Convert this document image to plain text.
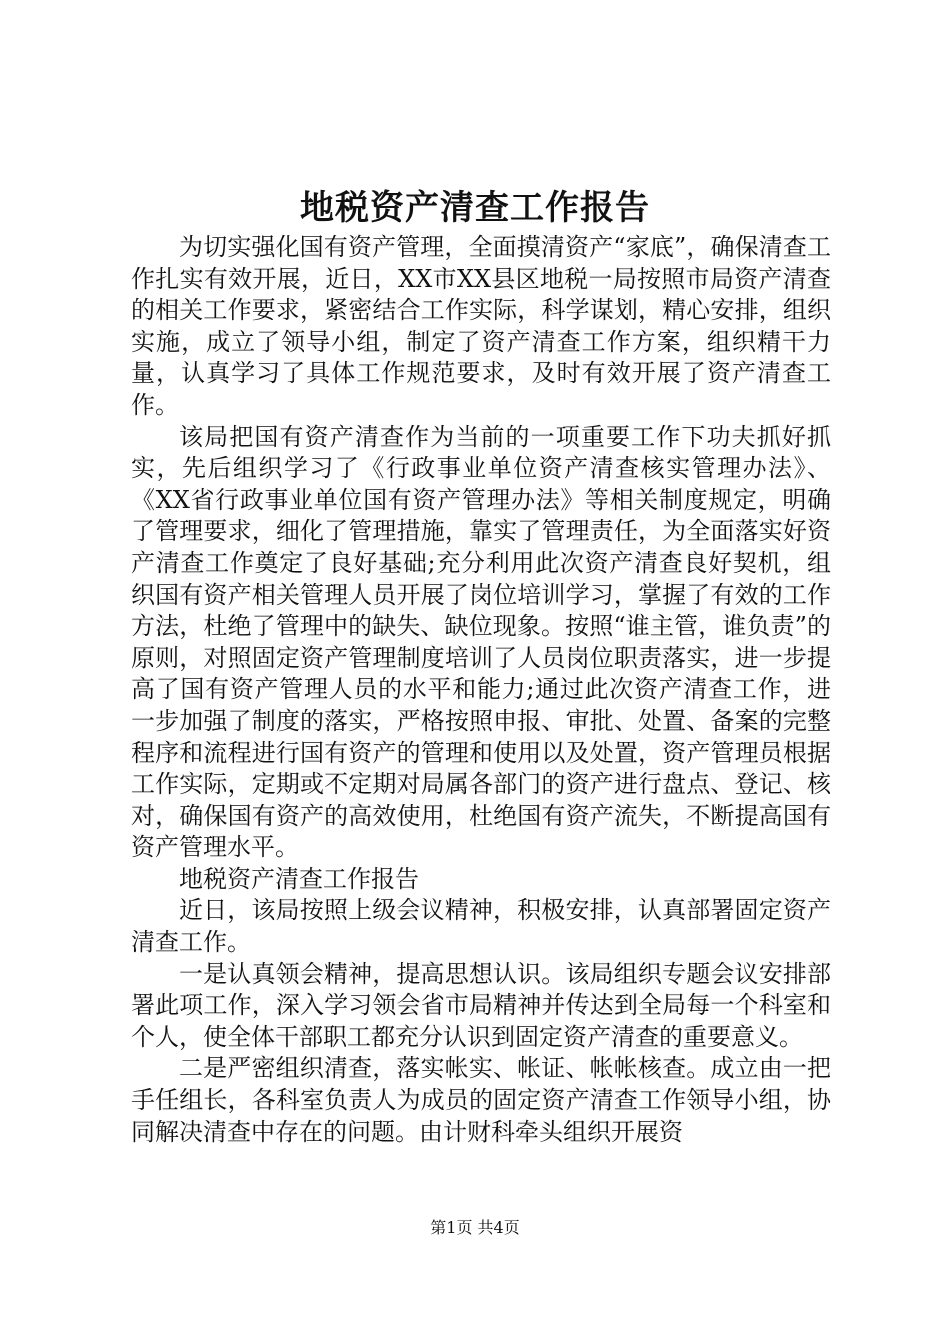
地税资产清查工作报告

为切实强化国有资产管理，全面摸清资产“家底”，确保清查工作扎实有效开展，近日，XX市XX县区地税一局按照市局资产清查的相关工作要求，紧密结合工作实际，科学谋划，精心安排，组织实施，成立了领导小组，制定了资产清查工作方案，组织精干力量，认真学习了具体工作规范要求，及时有效开展了资产清查工作。

该局把国有资产清查作为当前的一项重要工作下功夫抓好抓实，先后组织学习了《行政事业单位资产清查核实管理办法》、《XX省行政事业单位国有资产管理办法》等相关制度规定，明确了管理要求，细化了管理措施，靠实了管理责任，为全面落实好资产清查工作奠定了良好基础;充分利用此次资产清查良好契机，组织国有资产相关管理人员开展了岗位培训学习，掌握了有效的工作方法，杜绝了管理中的缺失、缺位现象。按照“谁主管，谁负责”的原则，对照固定资产管理制度培训了人员岗位职责落实，进一步提高了国有资产管理人员的水平和能力;通过此次资产清查工作，进一步加强了制度的落实，严格按照申报、审批、处置、备案的完整程序和流程进行国有资产的管理和使用以及处置，资产管理员根据工作实际，定期或不定期对局属各部门的资产进行盘点、登记、核对，确保国有资产的高效使用，杜绝国有资产流失，不断提高国有资产管理水平。

地税资产清查工作报告

近日，该局按照上级会议精神，积极安排，认真部署固定资产清查工作。

一是认真领会精神，提高思想认识。该局组织专题会议安排部署此项工作，深入学习领会省市局精神并传达到全局每一个科室和个人，使全体干部职工都充分认识到固定资产清查的重要意义。

二是严密组织清查，落实帐实、帐证、帐帐核查。成立由一把手任组长，各科室负责人为成员的固定资产清查工作领导小组，协同解决清查中存在的问题。由计财科牵头组织开展资

第1页 共4页
